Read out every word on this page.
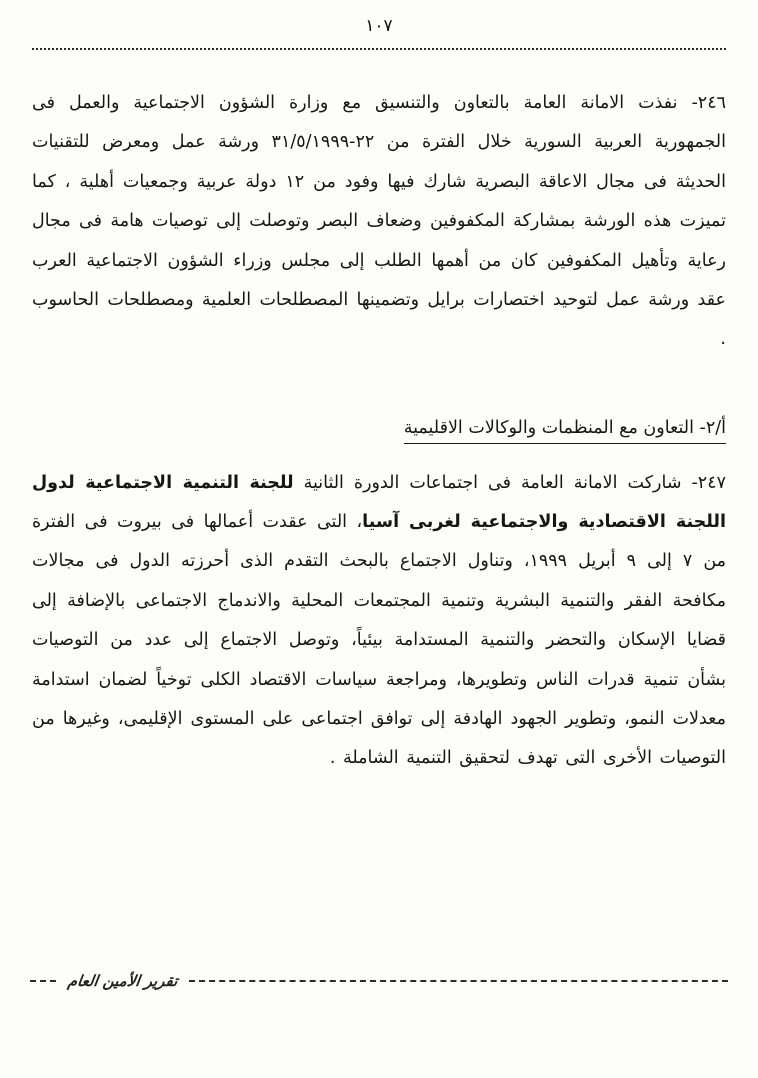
١٠٧

٢٤٦- نفذت الامانة العامة بالتعاون والتنسيق مع وزارة الشؤون الاجتماعية والعمل فى الجمهورية العربية السورية خلال الفترة من ٢٢-٣١/٥/١٩٩٩ ورشة عمل ومعرض للتقنيات الحديثة فى مجال الاعاقة البصرية شارك فيها وفود من ١٢ دولة عربية وجمعيات أهلية ، كما تميزت هذه الورشة بمشاركة المكفوفين وضعاف البصر وتوصلت إلى توصيات هامة فى مجال رعاية وتأهيل المكفوفين كان من أهمها الطلب إلى مجلس وزراء الشؤون الاجتماعية العرب عقد ورشة عمل لتوحيد اختصارات برايل وتضمينها المصطلحات العلمية ومصطلحات الحاسوب .

أ/٢- التعاون مع المنظمات والوكالات الاقليمية

٢٤٧- شاركت الامانة العامة فى اجتماعات الدورة الثانية للجنة التنمية الاجتماعية لدول اللجنة الاقتصادية والاجتماعية لغربى آسيا، التى عقدت أعمالها فى بيروت فى الفترة من ٧ إلى ٩ أبريل ١٩٩٩، وتناول الاجتماع بالبحث التقدم الذى أحرزته الدول فى مجالات مكافحة الفقر والتنمية البشرية وتنمية المجتمعات المحلية والاندماج الاجتماعى بالإضافة إلى قضايا الإسكان والتحضر والتنمية المستدامة بيئياً، وتوصل الاجتماع إلى عدد من التوصيات بشأن تنمية قدرات الناس وتطويرها، ومراجعة سياسات الاقتصاد الكلى توخياً لضمان استدامة معدلات النمو، وتطوير الجهود الهادفة إلى توافق اجتماعى على المستوى الإقليمى، وغيرها من التوصيات الأخرى التى تهدف لتحقيق التنمية الشاملة .

تقرير الأمين العام
